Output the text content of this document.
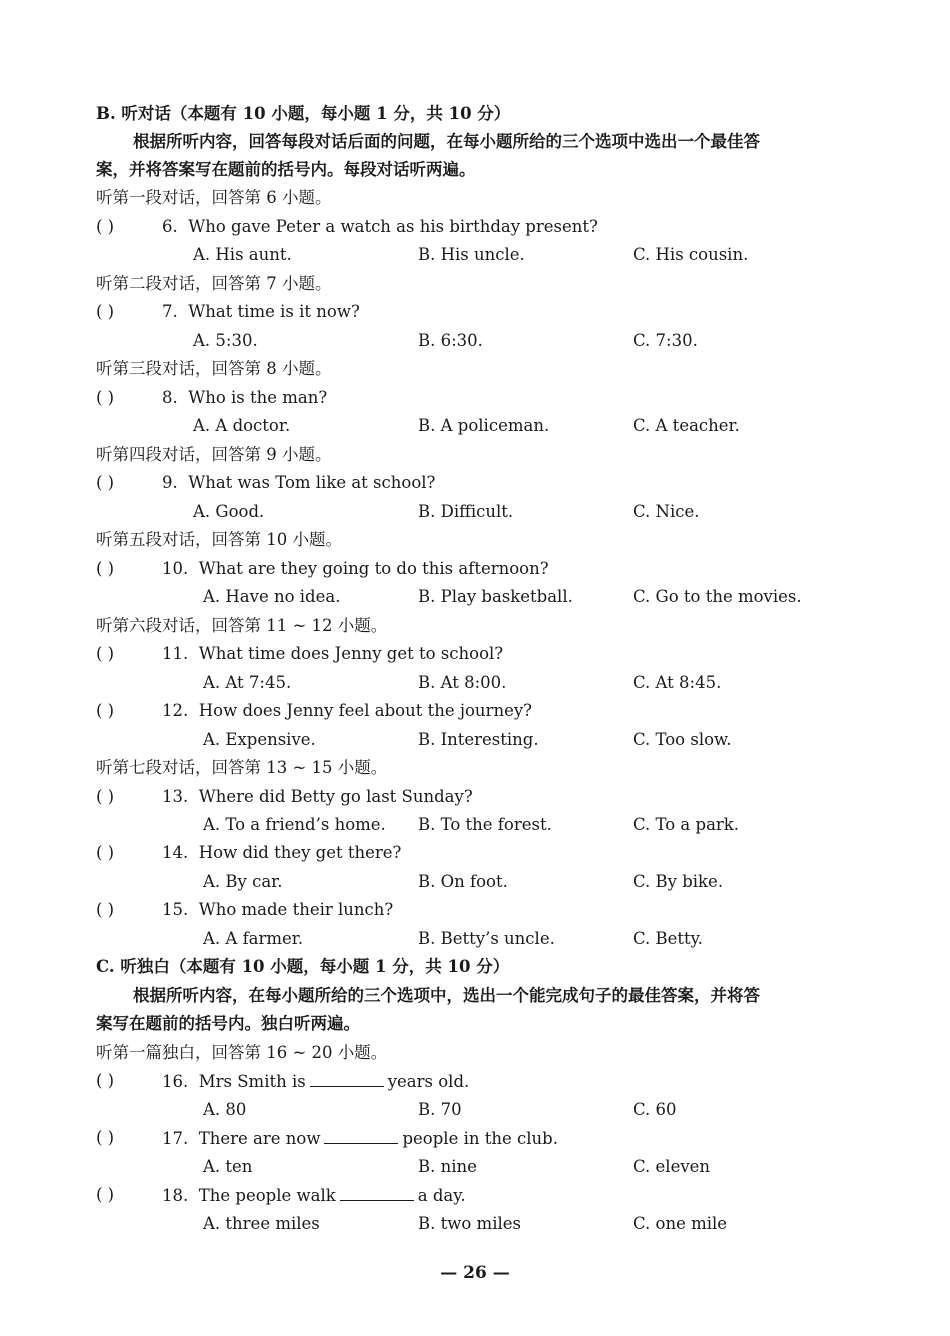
B. 听对话（本题有 10 小题，每小题 1 分，共 10 分）
根据所听内容，回答每段对话后面的问题，在每小题所给的三个选项中选出一个最佳答
案，并将答案写在题前的括号内。每段对话听两遍。
听第一段对话，回答第 6 小题。
( )	6. Who gave Peter a watch as his birthday present?
A. His aunt.	B. His uncle.	C. His cousin.
听第二段对话，回答第 7 小题。
( )	7. What time is it now?
A. 5:30.	B. 6:30.	C. 7:30.
听第三段对话，回答第 8 小题。
( )	8. Who is the man?
A. A doctor.	B. A policeman.	C. A teacher.
听第四段对话，回答第 9 小题。
( )	9. What was Tom like at school?
A. Good.	B. Difficult.	C. Nice.
听第五段对话，回答第 10 小题。
( )	10. What are they going to do this afternoon?
A. Have no idea.	B. Play basketball.	C. Go to the movies.
听第六段对话，回答第 11 ~ 12 小题。
( )	11. What time does Jenny get to school?
A. At 7:45.	B. At 8:00.	C. At 8:45.
( )	12. How does Jenny feel about the journey?
A. Expensive.	B. Interesting.	C. Too slow.
听第七段对话，回答第 13 ~ 15 小题。
( )	13. Where did Betty go last Sunday?
A. To a friend’s home. B. To the forest.	C. To a park.
( )	14. How did they get there?
A. By car.	B. On foot.	C. By bike.
( )	15. Who made their lunch?
A. A farmer.	B. Betty’s uncle.	C. Betty.
C. 听独白（本题有 10 小题，每小题 1 分，共 10 分）
根据所听内容，在每小题所给的三个选项中，选出一个能完成句子的最佳答案，并将答
案写在题前的括号内。独白听两遍。
听第一篇独白，回答第 16 ~ 20 小题。
( )	16. Mrs Smith is	years old.
A. 80	B. 70	C. 60
( )	17. There are now	people in the club.
A. ten	B. nine	C. eleven
( )	18. The people walk	a day.
A. three miles	B. two miles	C. one mile
— 26 —
